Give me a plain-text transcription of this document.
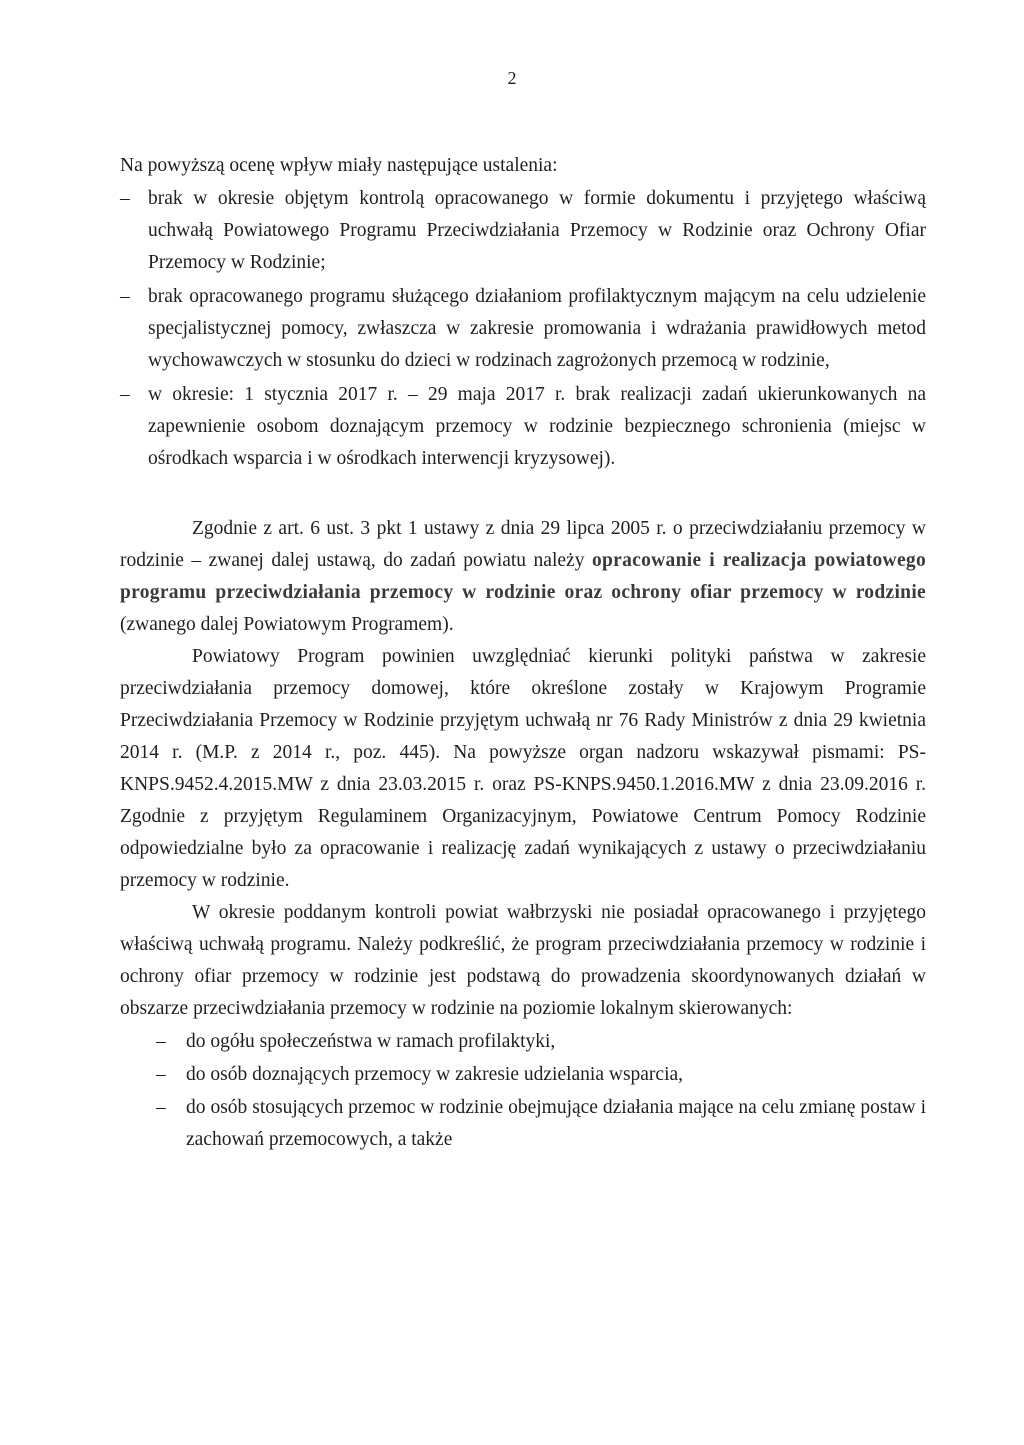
2

Na powyższą ocenę wpływ miały następujące ustalenia:

– brak w okresie objętym kontrolą opracowanego w formie dokumentu i przyjętego właściwą uchwałą Powiatowego Programu Przeciwdziałania Przemocy w Rodzinie oraz Ochrony Ofiar Przemocy w Rodzinie;
– brak opracowanego programu służącego działaniom profilaktycznym mającym na celu udzielenie specjalistycznej pomocy, zwłaszcza w zakresie promowania i wdrażania prawidłowych metod wychowawczych w stosunku do dzieci w rodzinach zagrożonych przemocą w rodzinie,
– w okresie: 1 stycznia 2017 r. – 29 maja 2017 r. brak realizacji zadań ukierunkowanych na zapewnienie osobom doznającym przemocy w rodzinie bezpiecznego schronienia (miejsc w ośrodkach wsparcia i w ośrodkach interwencji kryzysowej).

Zgodnie z art. 6 ust. 3 pkt 1 ustawy z dnia 29 lipca 2005 r. o przeciwdziałaniu przemocy w rodzinie – zwanej dalej ustawą, do zadań powiatu należy opracowanie i realizacja powiatowego programu przeciwdziałania przemocy w rodzinie oraz ochrony ofiar przemocy w rodzinie (zwanego dalej Powiatowym Programem).

Powiatowy Program powinien uwzględniać kierunki polityki państwa w zakresie przeciwdziałania przemocy domowej, które określone zostały w Krajowym Programie Przeciwdziałania Przemocy w Rodzinie przyjętym uchwałą nr 76 Rady Ministrów z dnia 29 kwietnia 2014 r. (M.P. z 2014 r., poz. 445). Na powyższe organ nadzoru wskazywał pismami: PS- KNPS.9452.4.2015.MW z dnia 23.03.2015 r. oraz PS-KNPS.9450.1.2016.MW z dnia 23.09.2016 r. Zgodnie z przyjętym Regulaminem Organizacyjnym, Powiatowe Centrum Pomocy Rodzinie odpowiedzialne było za opracowanie i realizację zadań wynikających z ustawy o przeciwdziałaniu przemocy w rodzinie.

W okresie poddanym kontroli powiat wałbrzyski nie posiadał opracowanego i przyjętego właściwą uchwałą programu. Należy podkreślić, że program przeciwdziałania przemocy w rodzinie i ochrony ofiar przemocy w rodzinie jest podstawą do prowadzenia skoordynowanych działań w obszarze przeciwdziałania przemocy w rodzinie na poziomie lokalnym skierowanych:

– do ogółu społeczeństwa w ramach profilaktyki,
– do osób doznających przemocy w zakresie udzielania wsparcia,
– do osób stosujących przemoc w rodzinie obejmujące działania mające na celu zmianę postaw i zachowań przemocowych, a także
